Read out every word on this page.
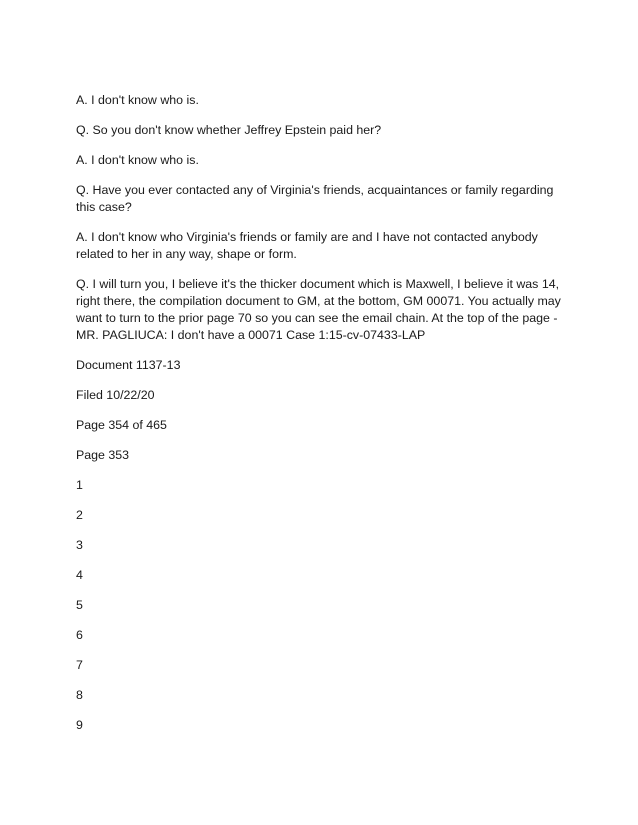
A. I don't know who is.

Q. So you don't know whether Jeffrey Epstein paid her?

A. I don't know who is.

Q. Have you ever contacted any of Virginia's friends, acquaintances or family regarding this case?

A. I don't know who Virginia's friends or family are and I have not contacted anybody related to her in any way, shape or form.

Q. I will turn you, I believe it's the thicker document which is Maxwell, I believe it was 14, right there, the compilation document to GM, at the bottom, GM 00071. You actually may want to turn to the prior page 70 so you can see the email chain. At the top of the page -MR. PAGLIUCA: I don't have a 00071 Case 1:15-cv-07433-LAP

Document 1137-13

Filed 10/22/20

Page 354 of 465

Page 353

1

2

3

4

5

6

7

8

9
